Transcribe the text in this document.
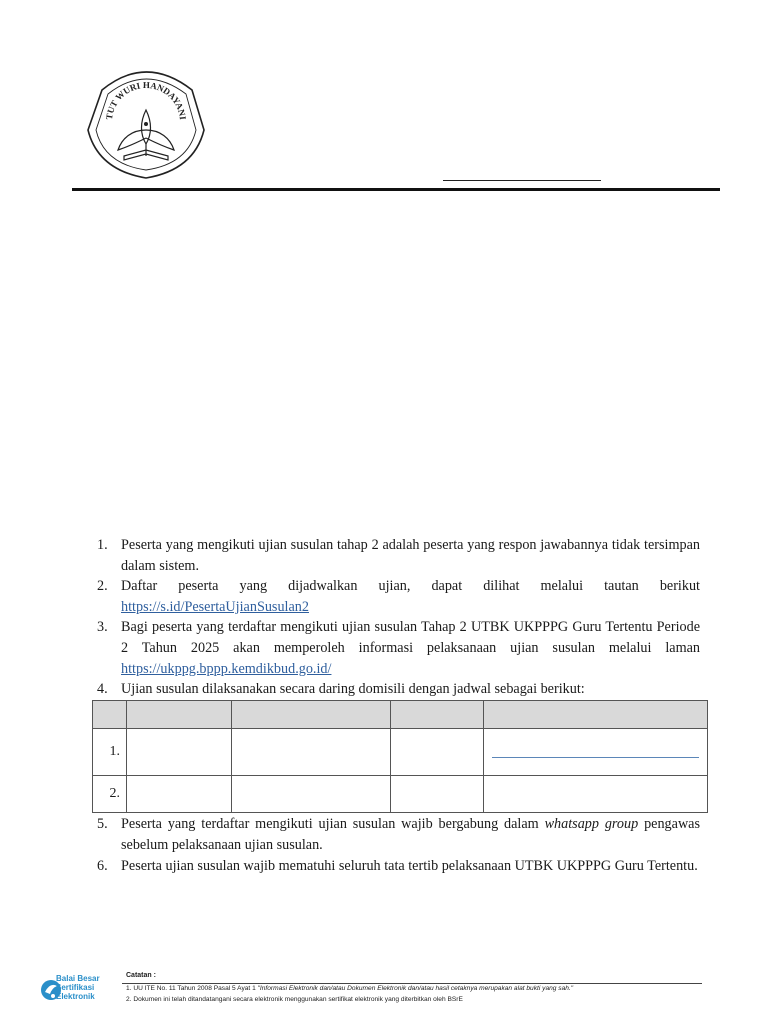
TUT WURI HANDAYANI
1. Peserta yang mengikuti ujian susulan tahap 2 adalah peserta yang respon jawabannya tidak tersimpan dalam sistem.
2. Daftar peserta yang dijadwalkan ujian, dapat dilihat melalui tautan berikut https://s.id/PesertaUjianSusulan2
3. Bagi peserta yang terdaftar mengikuti ujian susulan Tahap 2 UTBK UKPPPG Guru Tertentu Periode 2 Tahun 2025 akan memperoleh informasi pelaksanaan ujian susulan melalui laman https://ukppg.bppp.kemdikbud.go.id/
4. Ujian susulan dilaksanakan secara daring domisili dengan jadwal sebagai berikut:

1.				

2.				
5. Peserta yang terdaftar mengikuti ujian susulan wajib bergabung dalam whatsapp group pengawas sebelum pelaksanaan ujian susulan.
6. Peserta ujian susulan wajib mematuhi seluruh tata tertib pelaksanaan UTBK UKPPPG Guru Tertentu.
Balai Besar
Sertifikasi
Elektronik
Catatan :
1. UU ITE No. 11 Tahun 2008 Pasal 5 Ayat 1 "Informasi Elektronik dan/atau Dokumen Elektronik dan/atau hasil cetaknya merupakan alat bukti yang sah."
2. Dokumen ini telah ditandatangani secara elektronik menggunakan sertifikat elektronik yang diterbitkan oleh BSrE
